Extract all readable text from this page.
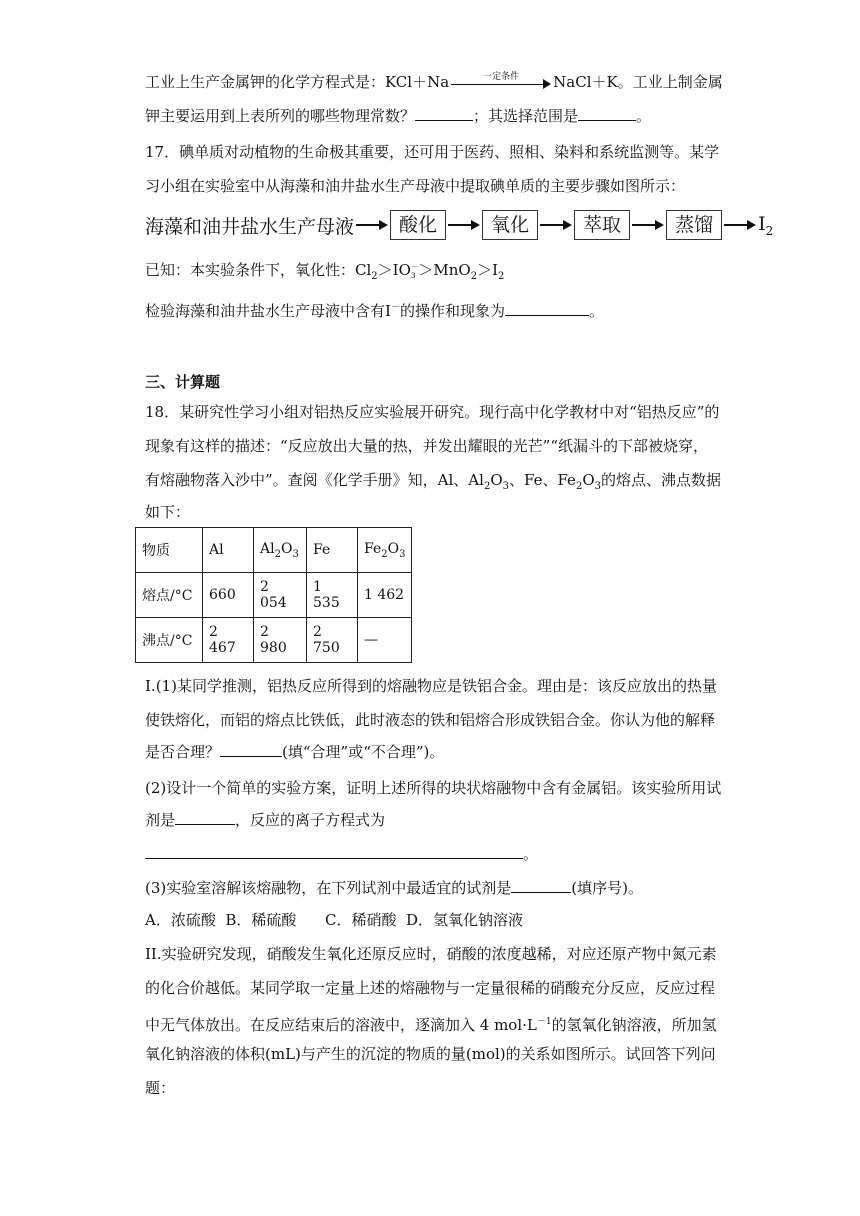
工业上生产金属钾的化学方程式是：KCl＋Na	一定条件	NaCl＋K。工业上制金属
钾主要运用到上表所列的哪些物理常数？	；其选择范围是	。
17．碘单质对动植物的生命极其重要，还可用于医药、照相、染料和系统监测等。某学
习小组在实验室中从海藻和油井盐水生产母液中提取碘单质的主要步骤如图所示：
海藻和油井盐水生产母液	酸化	氧化	萃取	蒸馏	$I_2$
已知：本实验条件下，氧化性：$Cl_2>IO$ －
$3 >MnO_2>I_2$
检验海藻和油井盐水生产母液中含有I－的操作和现象为	。
三、计算题
18．某研究性学习小组对铝热反应实验展开研究。现行高中化学教材中对“铝热反应”的
现象有这样的描述：“反应放出大量的热，并发出耀眼的光芒”“纸漏斗的下部被烧穿，
有熔融物落入沙中”。查阅《化学手册》知，Al、$Al_2O_3$、Fe、$Fe_2O_3$的熔点、沸点数据
如下：
物质	Al	$Al_2O_3$	Fe	$Fe_2O_3$
熔点/°C	660	2 054	1 535	1 462
沸点/°C	2 467	2 980	2 750	—
I.(1)某同学推测，铝热反应所得到的熔融物应是铁铝合金。理由是：该反应放出的热量
使铁熔化，而铝的熔点比铁低，此时液态的铁和铝熔合形成铁铝合金。你认为他的解释
是否合理？	(填“合理”或“不合理”)。
(2)设计一个简单的实验方案，证明上述所得的块状熔融物中含有金属铝。该实验所用试
剂是	，反应的离子方程式为
。
(3)实验室溶解该熔融物，在下列试剂中最适宜的试剂是	(填序号)。
A．浓硫酸  B．稀硫酸      C．稀硝酸  D．氢氧化钠溶液
II.实验研究发现，硝酸发生氧化还原反应时，硝酸的浓度越稀，对应还原产物中氮元素
的化合价越低。某同学取一定量上述的熔融物与一定量很稀的硝酸充分反应，反应过程
中无气体放出。在反应结束后的溶液中，逐滴加入 4 $mol\cdot L^{-1}$的氢氧化钠溶液，所加氢
氧化钠溶液的体积(mL)与产生的沉淀的物质的量(mol)的关系如图所示。试回答下列问
题：
